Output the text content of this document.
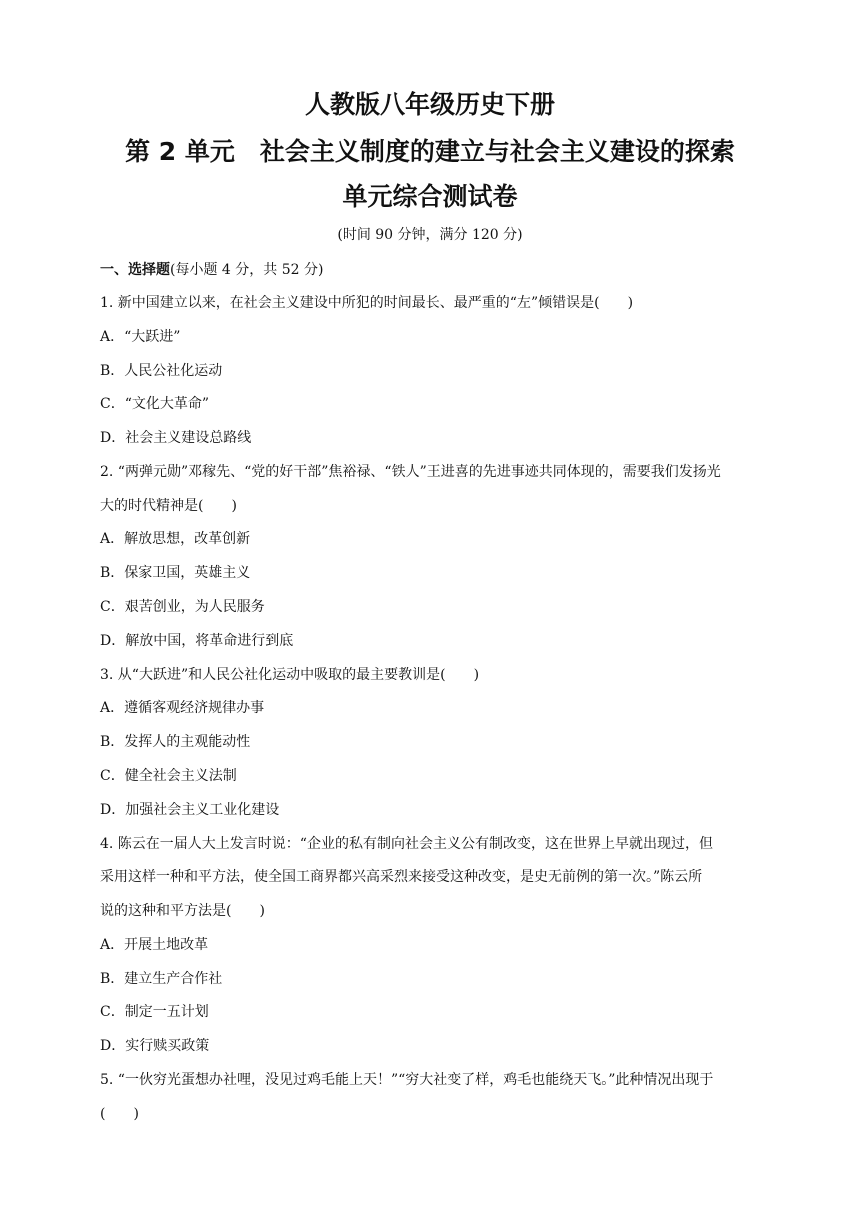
人教版八年级历史下册
第 2 单元　社会主义制度的建立与社会主义建设的探索
单元综合测试卷
(时间 90 分钟，满分 120 分)
一、选择题(每小题 4 分，共 52 分)
1. 新中国建立以来，在社会主义建设中所犯的时间最长、最严重的“左”倾错误是(　　)
A．“大跃进”
B．人民公社化运动
C．“文化大革命”
D．社会主义建设总路线
2. “两弹元勋”邓稼先、“党的好干部”焦裕禄、“铁人”王进喜的先进事迹共同体现的，需要我们发扬光
大的时代精神是(　　)
A．解放思想，改革创新
B．保家卫国，英雄主义
C．艰苦创业，为人民服务
D．解放中国，将革命进行到底
3. 从“大跃进”和人民公社化运动中吸取的最主要教训是(　　)
A．遵循客观经济规律办事
B．发挥人的主观能动性
C．健全社会主义法制
D．加强社会主义工业化建设
4. 陈云在一届人大上发言时说：“企业的私有制向社会主义公有制改变，这在世界上早就出现过，但
采用这样一种和平方法，使全国工商界都兴高采烈来接受这种改变，是史无前例的第一次。”陈云所
说的这种和平方法是(　　)
A．开展土地改革
B．建立生产合作社
C．制定一五计划
D．实行赎买政策
5. “一伙穷光蛋想办社哩，没见过鸡毛能上天！”“穷大社变了样，鸡毛也能绕天飞。”此种情况出现于
(　　)
